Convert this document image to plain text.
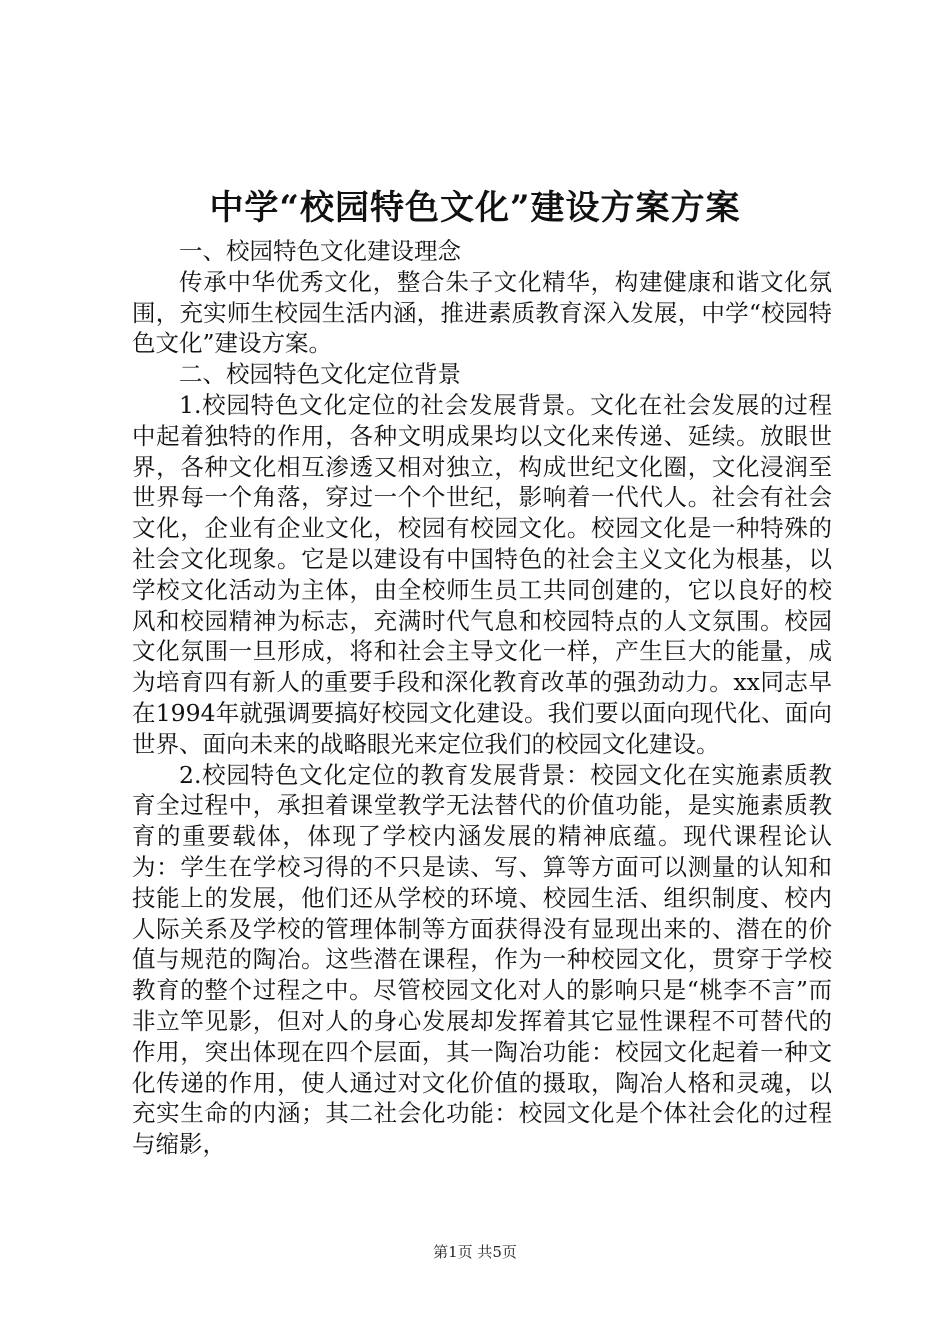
中学“校园特色文化”建设方案方案

一、校园特色文化建设理念

传承中华优秀文化，整合朱子文化精华，构建健康和谐文化氛围，充实师生校园生活内涵，推进素质教育深入发展，中学“校园特色文化”建设方案。

二、校园特色文化定位背景

1.校园特色文化定位的社会发展背景。文化在社会发展的过程中起着独特的作用，各种文明成果均以文化来传递、延续。放眼世界，各种文化相互渗透又相对独立，构成世纪文化圈，文化浸润至世界每一个角落，穿过一个个世纪，影响着一代代人。社会有社会文化，企业有企业文化，校园有校园文化。校园文化是一种特殊的社会文化现象。它是以建设有中国特色的社会主义文化为根基，以学校文化活动为主体，由全校师生员工共同创建的，它以良好的校风和校园精神为标志，充满时代气息和校园特点的人文氛围。校园文化氛围一旦形成，将和社会主导文化一样，产生巨大的能量，成为培育四有新人的重要手段和深化教育改革的强劲动力。xx同志早在1994年就强调要搞好校园文化建设。我们要以面向现代化、面向世界、面向未来的战略眼光来定位我们的校园文化建设。

2.校园特色文化定位的教育发展背景：校园文化在实施素质教育全过程中，承担着课堂教学无法替代的价值功能，是实施素质教育的重要载体，体现了学校内涵发展的精神底蕴。现代课程论认为：学生在学校习得的不只是读、写、算等方面可以测量的认知和技能上的发展，他们还从学校的环境、校园生活、组织制度、校内人际关系及学校的管理体制等方面获得没有显现出来的、潜在的价值与规范的陶冶。这些潜在课程，作为一种校园文化，贯穿于学校教育的整个过程之中。尽管校园文化对人的影响只是“桃李不言”而非立竿见影，但对人的身心发展却发挥着其它显性课程不可替代的作用，突出体现在四个层面，其一陶冶功能：校园文化起着一种文化传递的作用，使人通过对文化价值的摄取，陶冶人格和灵魂，以充实生命的内涵；其二社会化功能：校园文化是个体社会化的过程与缩影，

第1页 共5页
